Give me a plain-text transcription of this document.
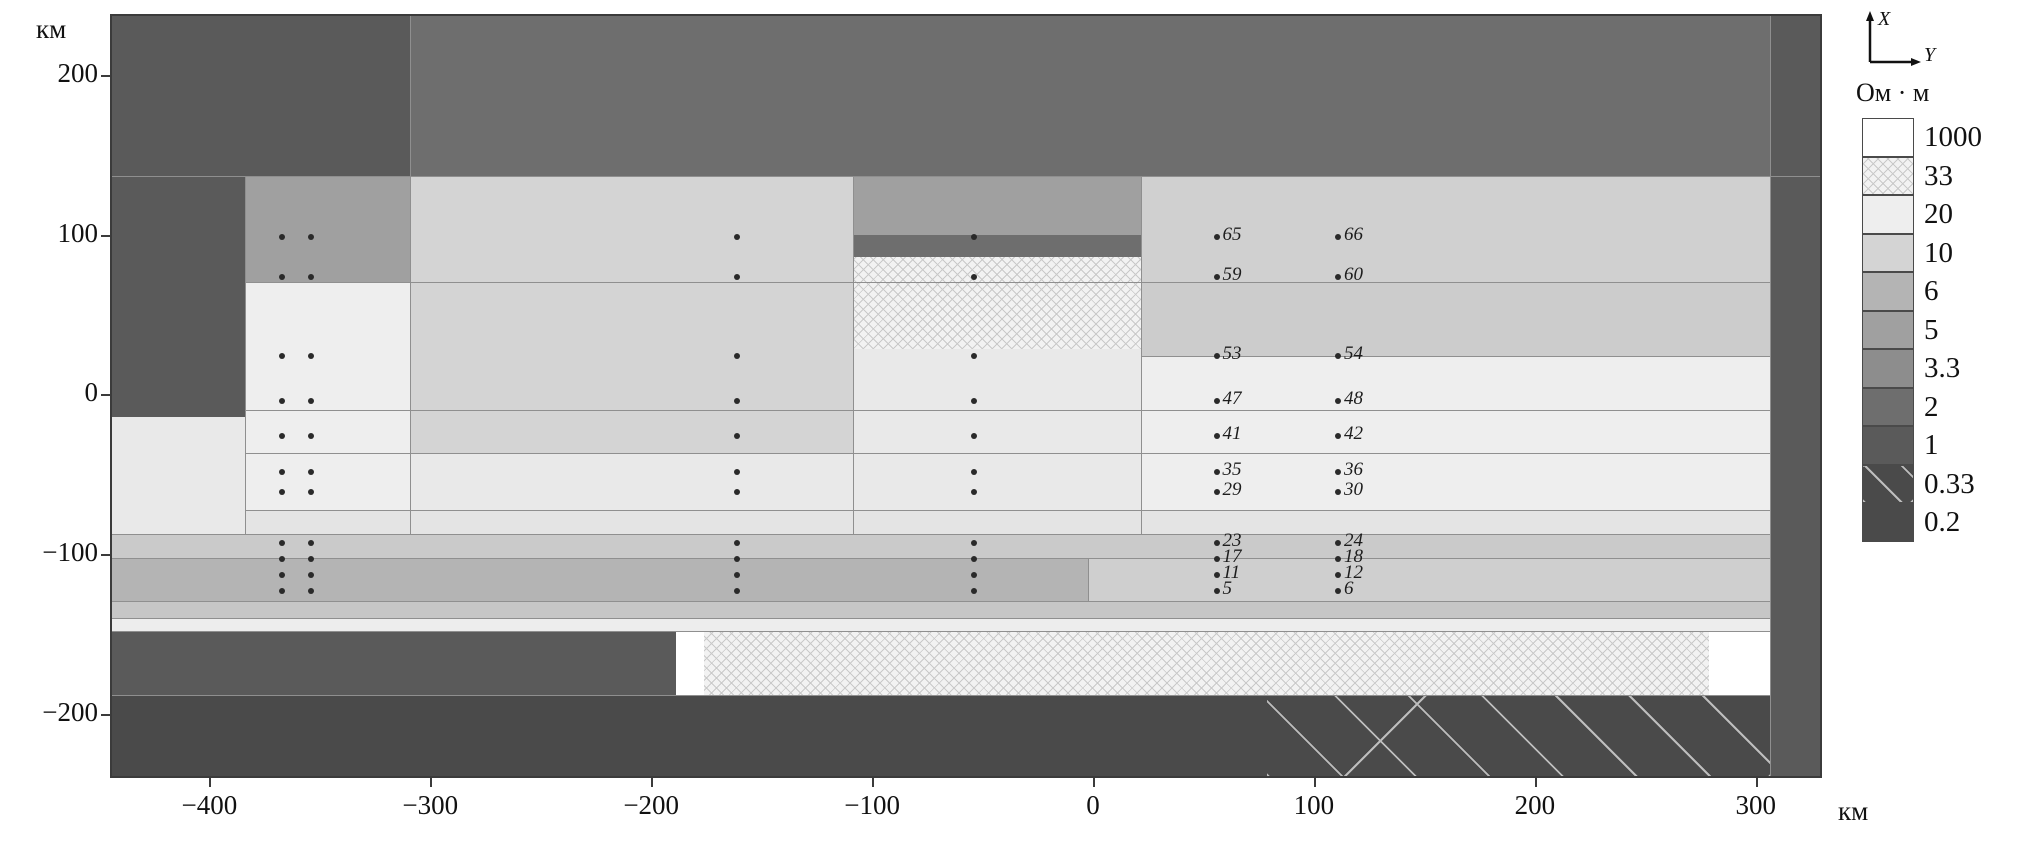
км
км
65	66
59	60
53	54
47	48
41	42
35	36
29	30
23	24
17	18
11	12
5	6
200
100
0
−100
−200
−400	−300	−200	−100	0	100	200	300
X
Y
Ом · м
1000
33
20
10
6
5
3.3
2
1
0.33
0.2
